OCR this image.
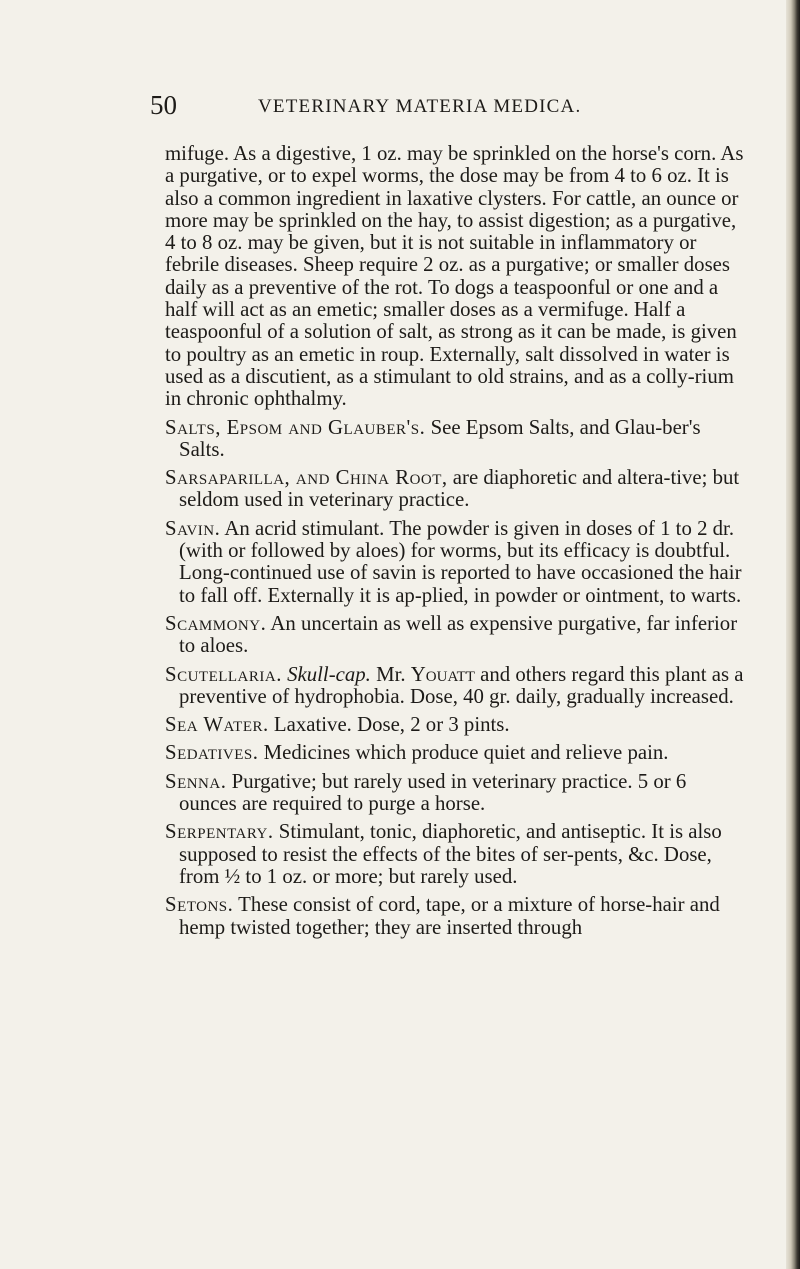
50	VETERINARY MATERIA MEDICA.

mifuge. As a digestive, 1 oz. may be sprinkled on the horse's corn. As a purgative, or to expel worms, the dose may be from 4 to 6 oz. It is also a common ingredient in laxative clysters. For cattle, an ounce or more may be sprinkled on the hay, to assist digestion; as a purgative, 4 to 8 oz. may be given, but it is not suitable in inflammatory or febrile diseases. Sheep require 2 oz. as a purgative; or smaller doses daily as a preventive of the rot. To dogs a teaspoonful or one and a half will act as an emetic; smaller doses as a vermifuge. Half a teaspoonful of a solution of salt, as strong as it can be made, is given to poultry as an emetic in roup. Externally, salt dissolved in water is used as a discutient, as a stimulant to old strains, and as a colly-rium in chronic ophthalmy.

Salts, Epsom and Glauber's. See Epsom Salts, and Glau-ber's Salts.

Sarsaparilla, and China Root, are diaphoretic and altera-tive; but seldom used in veterinary practice.

Savin. An acrid stimulant. The powder is given in doses of 1 to 2 dr. (with or followed by aloes) for worms, but its efficacy is doubtful. Long-continued use of savin is reported to have occasioned the hair to fall off. Externally it is ap-plied, in powder or ointment, to warts.

Scammony. An uncertain as well as expensive purgative, far inferior to aloes.

Scutellaria. Skull-cap. Mr. Youatt and others regard this plant as a preventive of hydrophobia. Dose, 40 gr. daily, gradually increased.

Sea Water. Laxative. Dose, 2 or 3 pints.

Sedatives. Medicines which produce quiet and relieve pain.

Senna. Purgative; but rarely used in veterinary practice. 5 or 6 ounces are required to purge a horse.

Serpentary. Stimulant, tonic, diaphoretic, and antiseptic. It is also supposed to resist the effects of the bites of ser-pents, &c. Dose, from ½ to 1 oz. or more; but rarely used.

Setons. These consist of cord, tape, or a mixture of horse-hair and hemp twisted together; they are inserted through
